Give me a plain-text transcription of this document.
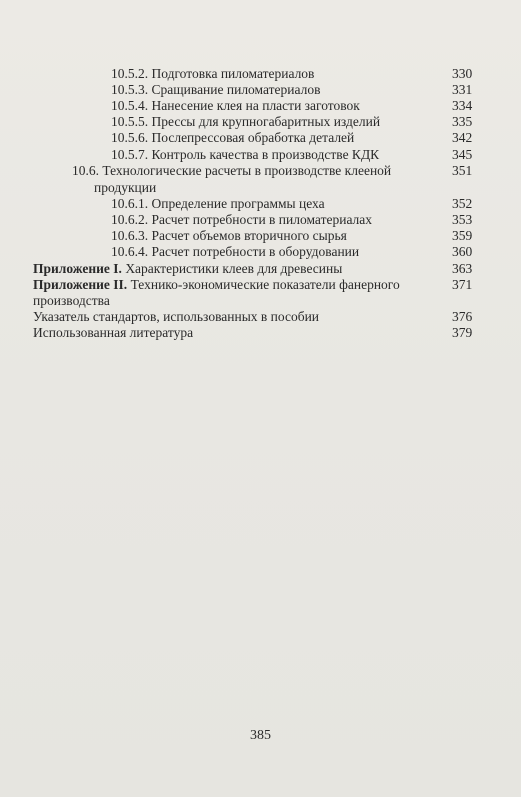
10.5.2. Подготовка пиломатериалов	330
10.5.3. Сращивание пиломатериалов	331
10.5.4. Нанесение клея на пласти заготовок	334
10.5.5. Прессы для крупногабаритных изделий	335
10.5.6. Послепрессовая обработка деталей	342
10.5.7. Контроль качества в производстве КДК	345
10.6. Технологические расчеты в производстве клееной	351
продукции
10.6.1. Определение программы цеха	352
10.6.2. Расчет потребности в пиломатериалах	353
10.6.3. Расчет объемов вторичного сырья	359
10.6.4. Расчет потребности в оборудовании	360
Приложение I. Характеристики клеев для древесины	363
Приложение II. Технико-экономические показатели фанерного	371
производства
Указатель стандартов, использованных в пособии	376
Использованная литература	379
385
